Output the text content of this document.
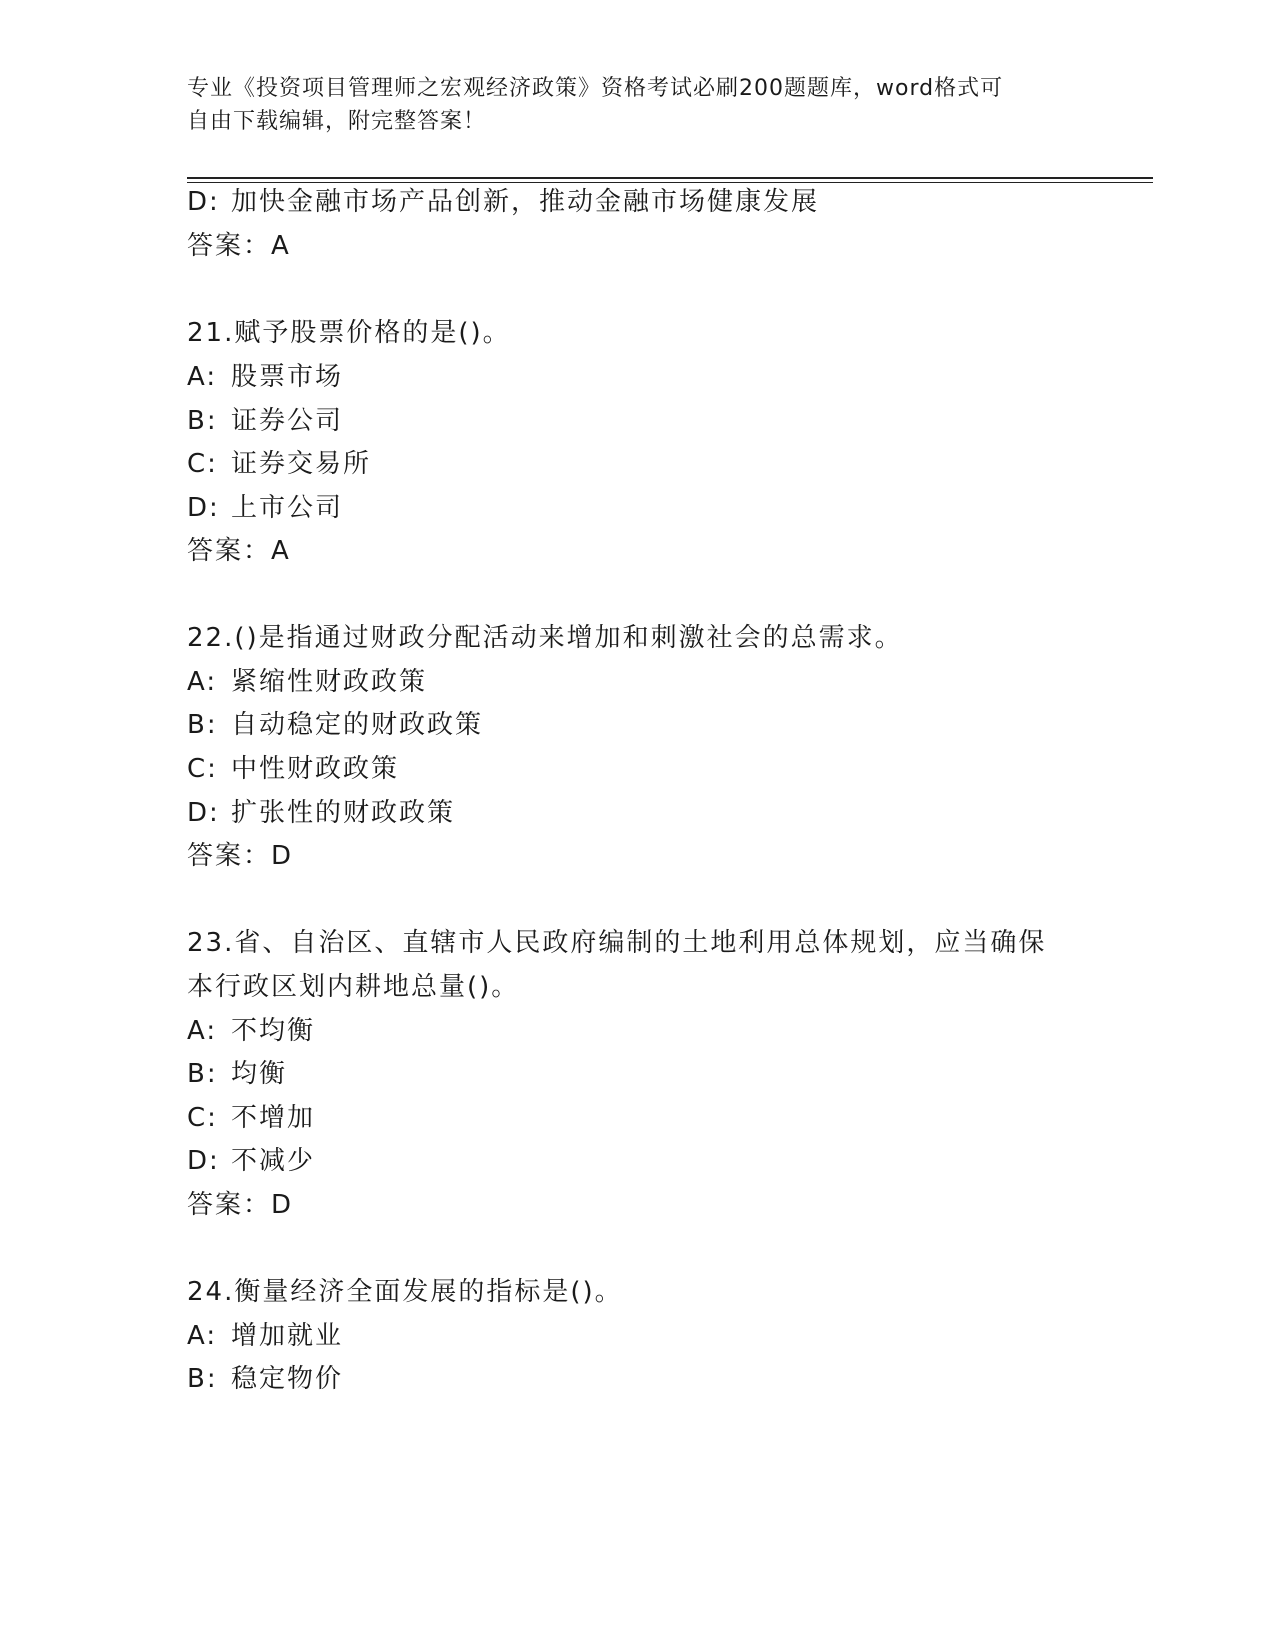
专业《投资项目管理师之宏观经济政策》资格考试必刷200题题库，word格式可
自由下载编辑，附完整答案！
D: 加快金融市场产品创新，推动金融市场健康发展
答案：A
21.赋予股票价格的是()。
A: 股票市场
B: 证券公司
C: 证券交易所
D: 上市公司
答案：A
22.()是指通过财政分配活动来增加和刺激社会的总需求。
A: 紧缩性财政政策
B: 自动稳定的财政政策
C: 中性财政政策
D: 扩张性的财政政策
答案：D
23.省、自治区、直辖市人民政府编制的土地利用总体规划，应当确保
本行政区划内耕地总量()。
A: 不均衡
B: 均衡
C: 不增加
D: 不减少
答案：D
24.衡量经济全面发展的指标是()。
A: 增加就业
B: 稳定物价
